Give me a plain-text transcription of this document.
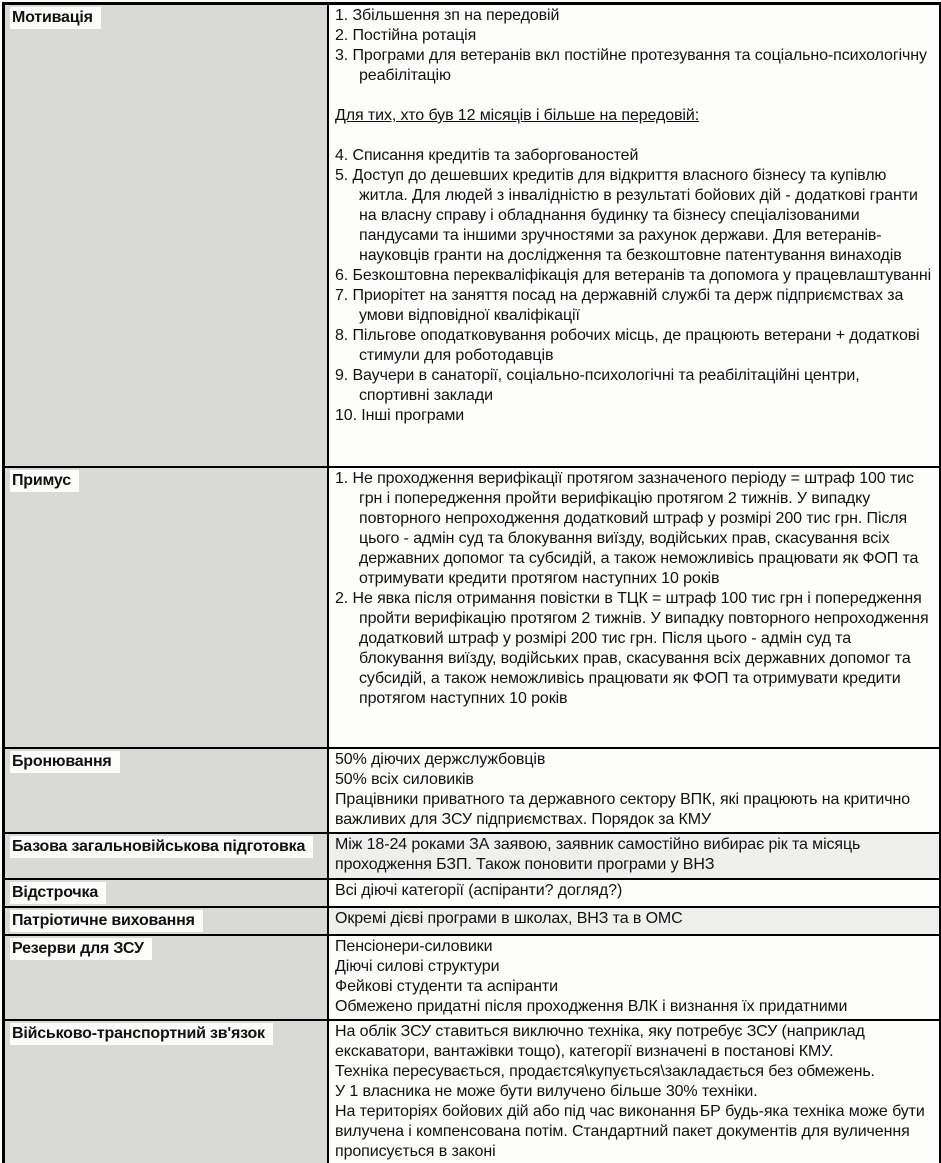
Мотивація	1. Збільшення зп на передовій
2. Постійна ротація
3. Програми для ветеранів вкл постійне протезування та соціально-психологічну реабілітацію
Для тих, хто був 12 місяців і більше на передовій:
4. Списання кредитів та заборгованостей
5. Доступ до дешевших кредитів для відкриття власного бізнесу та купівлю житла. Для людей з інвалідністю в результаті бойових дій - додаткові гранти на власну справу і обладнання будинку та бізнесу спеціалізованими пандусами та іншими зручностями за рахунок держави. Для ветеранів-науковців гранти на дослідження та безкоштовне патентування винаходів
6. Безкоштовна перекваліфікація для ветеранів та допомога у працевлаштуванні
7. Приорітет на заняття посад на державній службі та держ підприємствах за умови відповідної кваліфікації
8. Пільгове оподатковування робочих місць, де працюють ветерани + додаткові стимули для роботодавців
9. Ваучери в санаторії, соціально-психологічні та реабілітаційні центри, спортивні заклади
10. Інші програми
Примус	1. Не проходження верифікації протягом зазначеного періоду = штраф 100 тис грн і попередження пройти верифікацію протягом 2 тижнів. У випадку повторного непроходження додатковий штраф у розмірі 200 тис грн. Після цього - адмін суд та блокування виїзду, водійських прав, скасування всіх державних допомог та субсидій, а також неможливісь працювати як ФОП та отримувати кредити протягом наступних 10 років
2. Не явка після отримання повістки в ТЦК = штраф 100 тис грн і попередження пройти верифікацію протягом 2 тижнів. У випадку повторного непроходження додатковий штраф у розмірі 200 тис грн. Після цього - адмін суд та блокування виїзду, водійських прав, скасування всіх державних допомог та субсидій, а також неможливісь працювати як ФОП та отримувати кредити протягом наступних 10 років
Бронювання	50% діючих держслужбовців
50% всіх силовиків
Працівники приватного та державного сектору ВПК, які працюють на критично важливих для ЗСУ підприємствах. Порядок за КМУ
Базова загальновійськова підготовка	Між 18-24 роками ЗА заявою, заявник самостійно вибирає рік та місяць проходження БЗП. Також поновити програми у ВНЗ
Відстрочка	Всі діючі категорії (аспіранти? догляд?)
Патріотичне виховання	Окремі дієві програми в школах, ВНЗ та в ОМС
Резерви для ЗСУ	Пенсіонери-силовики
Діючі силові структури
Фейкові студенти та аспіранти
Обмежено придатні після проходження ВЛК і визнання їх придатними
Військово-транспортний зв'язок	На облік ЗСУ ставиться виключно техніка, яку потребує ЗСУ (наприклад екскаватори, вантажівки тощо), категорії визначені в постанові КМУ.
Техніка пересувається, продаєтся\купується\закладається без обмежень.
У 1 власника не може бути вилучено більше 30% техніки.
На територіях бойових дій або під час виконання БР будь-яка техніка може бути вилучена і компенсована потім. Стандартний пакет документів для вуличення прописується в законі
